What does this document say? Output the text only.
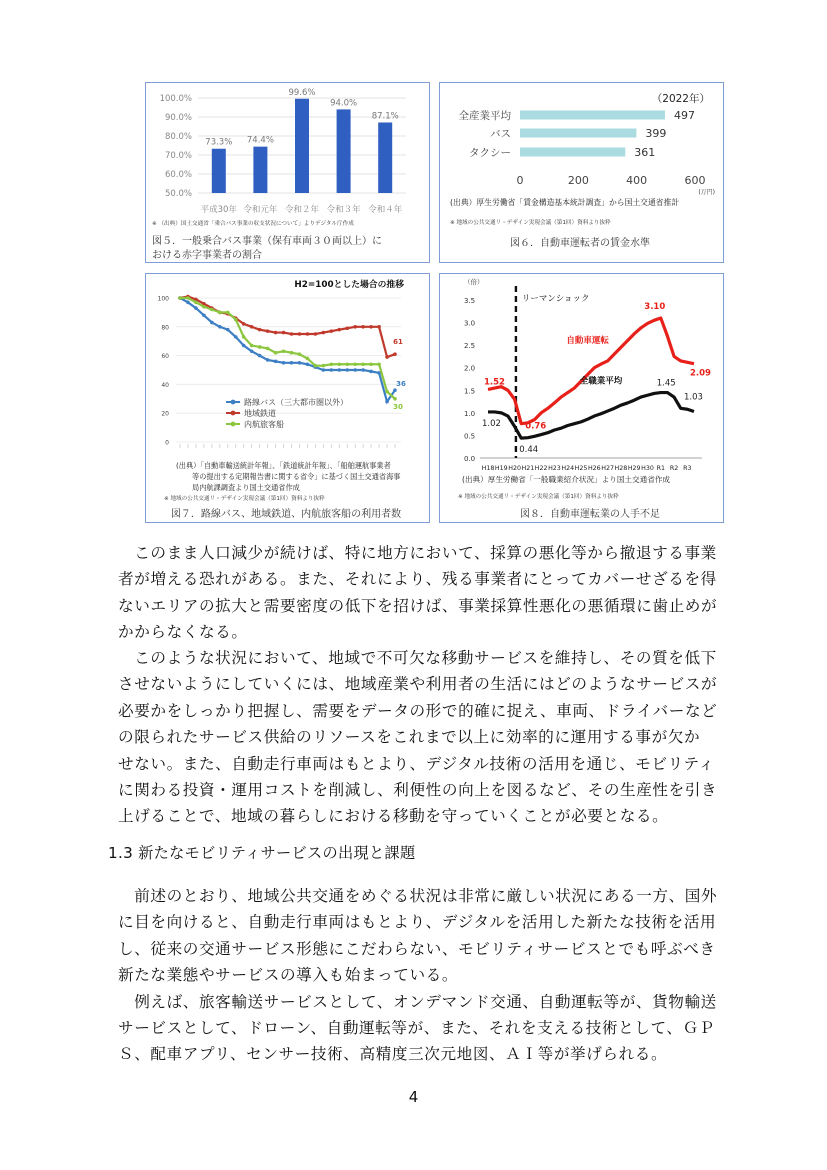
50.0%
60.0%
70.0%
80.0%
90.0%
100.0%
73.3%
平成30年
74.4%
令和元年
99.6%
令和２年
94.0%
令和３年
87.1%
令和４年
※ （出典）国土交通省「乗合バス事業の収支状況について」よりデジタル庁作成
図５．一般乗合バス事業（保有車両３０両以上）に
おける赤字事業者の割合
（2022年）
全産業平均	497
バス	399
タクシー	361
0	200	400	600
(万円)
(出典）厚生労働省「賃金構造基本統計調査」から国土交通省推計
※ 地域の公共交通リ・デザイン実現会議（第1回）資料より抜粋
図６．自動車運転者の賃金水準
H2=100とした場合の推移
0
20
40
60
80
100
36
路線バス（三大都市圏以外）
61
地域鉄道
30
内航旅客船
(出典）「自動車輸送統計年報」、「鉄道統計年報」、「船舶運航事業者
等の提出する定期報告書に関する省令」に基づく国土交通省海事
局内航課調査より国土交通省作成
※ 地域の公共交通リ・デザイン実現会議（第1回）資料より抜粋
図７．路線バス、地域鉄道、内航旅客船の利用者数
（倍）
0.0
0.5
1.0
1.5
2.0
2.5
3.0
3.5
H18 H19 H20 H21 H22 H23 H24 H25 H26 H27 H28 H29 H30 R1 R2 R3
リーマンショック
自動車運転
1.52
0.76
3.10
2.09
全職業平均
1.02
0.44
1.45
1.03
(出典）厚生労働省「一般職業紹介状況」より国土交通省作成
※ 地域の公共交通リ・デザイン実現会議（第1回）資料より抜粋
図８．自動車運転業の人手不足
　このまま人口減少が続けば、特に地方において、採算の悪化等から撤退する事業
者が増える恐れがある。また、それにより、残る事業者にとってカバーせざるを得
ないエリアの拡大と需要密度の低下を招けば、事業採算性悪化の悪循環に歯止めが
かからなくなる。
　このような状況において、地域で不可欠な移動サービスを維持し、その質を低下
させないようにしていくには、地域産業や利用者の生活にはどのようなサービスが
必要かをしっかり把握し、需要をデータの形で的確に捉え、車両、ドライバーなど
の限られたサービス供給のリソースをこれまで以上に効率的に運用する事が欠か
せない。また、自動走行車両はもとより、デジタル技術の活用を通じ、モビリティ
に関わる投資・運用コストを削減し、利便性の向上を図るなど、その生産性を引き
上げることで、地域の暮らしにおける移動を守っていくことが必要となる。
1.3 新たなモビリティサービスの出現と課題
　前述のとおり、地域公共交通をめぐる状況は非常に厳しい状況にある一方、国外
に目を向けると、自動走行車両はもとより、デジタルを活用した新たな技術を活用
し、従来の交通サービス形態にこだわらない、モビリティサービスとでも呼ぶべき
新たな業態やサービスの導入も始まっている。
　例えば、旅客輸送サービスとして、オンデマンド交通、自動運転等が、貨物輸送
サービスとして、ドローン、自動運転等が、また、それを支える技術として、ＧＰ
Ｓ、配車アプリ、センサー技術、高精度三次元地図、ＡＩ等が挙げられる。
4
